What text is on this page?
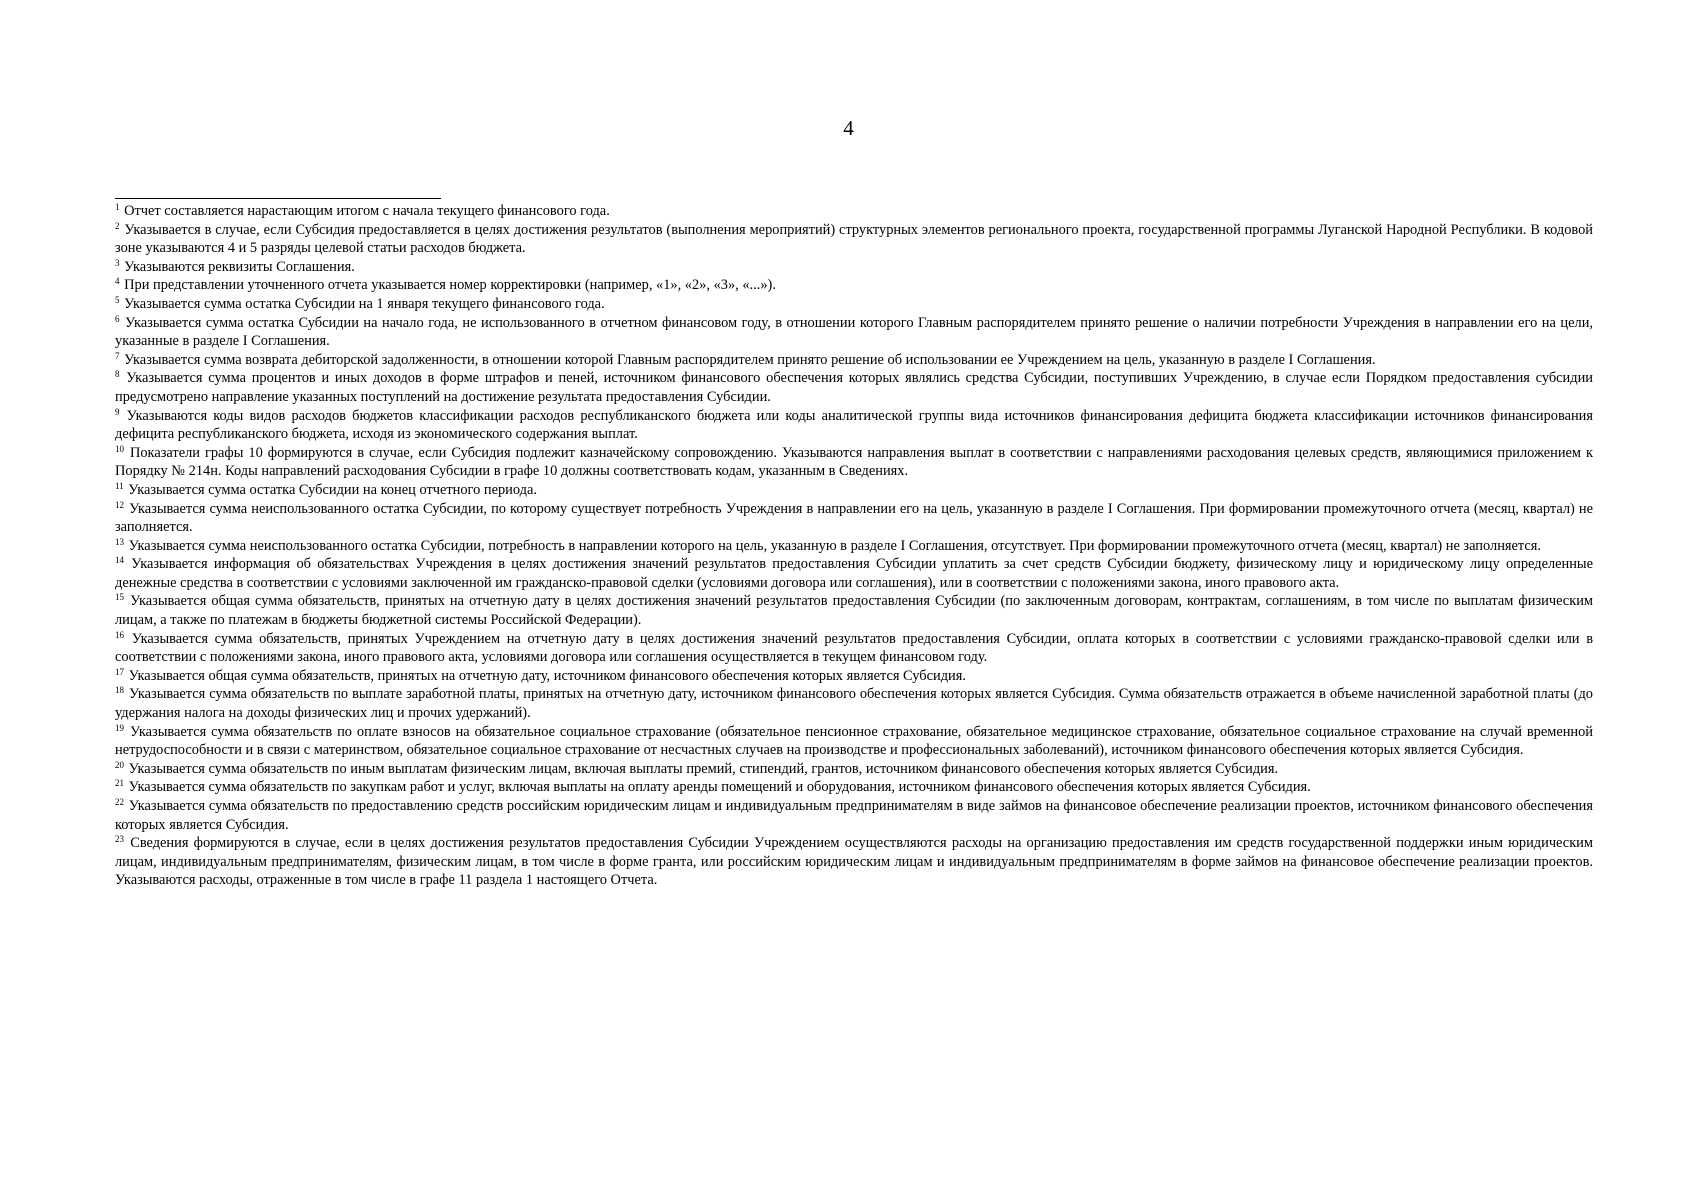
4

$^1$ Отчет составляется нарастающим итогом с начала текущего финансового года.

$^2$ Указывается в случае, если Субсидия предоставляется в целях достижения результатов (выполнения мероприятий) структурных элементов регионального проекта, государственной программы Луганской Народной Республики. В кодовой зоне указываются 4 и 5 разряды целевой статьи расходов бюджета.

$^3$ Указываются реквизиты Соглашения.

$^4$ При представлении уточненного отчета указывается номер корректировки (например, «1», «2», «3», «...»).

$^5$ Указывается сумма остатка Субсидии на 1 января текущего финансового года.

$^6$ Указывается сумма остатка Субсидии на начало года, не использованного в отчетном финансовом году, в отношении которого Главным распорядителем принято решение о наличии потребности Учреждения в направлении его на цели, указанные в разделе I Соглашения.

$^7$ Указывается сумма возврата дебиторской задолженности, в отношении которой Главным распорядителем принято решение об использовании ее Учреждением на цель, указанную в разделе I Соглашения.

$^8$ Указывается сумма процентов и иных доходов в форме штрафов и пеней, источником финансового обеспечения которых являлись средства Субсидии, поступивших Учреждению, в случае если Порядком предоставления субсидии предусмотрено направление указанных поступлений на достижение результата предоставления Субсидии.

$^9$ Указываются коды видов расходов бюджетов классификации расходов республиканского бюджета или коды аналитической группы вида источников финансирования дефицита бюджета классификации источников финансирования дефицита республиканского бюджета, исходя из экономического содержания выплат.

$^{10}$ Показатели графы 10 формируются в случае, если Субсидия подлежит казначейскому сопровождению. Указываются направления выплат в соответствии с направлениями расходования целевых средств, являющимися приложением к Порядку № 214н. Коды направлений расходования Субсидии в графе 10 должны соответствовать кодам, указанным в Сведениях.

$^{11}$ Указывается сумма остатка Субсидии на конец отчетного периода.

$^{12}$ Указывается сумма неиспользованного остатка Субсидии, по которому существует потребность Учреждения в направлении его на цель, указанную в разделе I Соглашения. При формировании промежуточного отчета (месяц, квартал) не заполняется.

$^{13}$ Указывается сумма неиспользованного остатка Субсидии, потребность в направлении которого на цель, указанную в разделе I Соглашения, отсутствует. При формировании промежуточного отчета (месяц, квартал) не заполняется.

$^{14}$ Указывается информация об обязательствах Учреждения в целях достижения значений результатов предоставления Субсидии уплатить за счет средств Субсидии бюджету, физическому лицу и юридическому лицу определенные денежные средства в соответствии с условиями заключенной им гражданско-правовой сделки (условиями договора или соглашения), или в соответствии с положениями закона, иного правового акта.

$^{15}$ Указывается общая сумма обязательств, принятых на отчетную дату в целях достижения значений результатов предоставления Субсидии (по заключенным договорам, контрактам, соглашениям, в том числе по выплатам физическим лицам, а также по платежам в бюджеты бюджетной системы Российской Федерации).

$^{16}$ Указывается сумма обязательств, принятых Учреждением на отчетную дату в целях достижения значений результатов предоставления Субсидии, оплата которых в соответствии с условиями гражданско-правовой сделки или в соответствии с положениями закона, иного правового акта, условиями договора или соглашения осуществляется в текущем финансовом году.

$^{17}$ Указывается общая сумма обязательств, принятых на отчетную дату, источником финансового обеспечения которых является Субсидия.

$^{18}$ Указывается сумма обязательств по выплате заработной платы, принятых на отчетную дату, источником финансового обеспечения которых является Субсидия. Сумма обязательств отражается в объеме начисленной заработной платы (до удержания налога на доходы физических лиц и прочих удержаний).

$^{19}$ Указывается сумма обязательств по оплате взносов на обязательное социальное страхование (обязательное пенсионное страхование, обязательное медицинское страхование, обязательное социальное страхование на случай временной нетрудоспособности и в связи с материнством, обязательное социальное страхование от несчастных случаев на производстве и профессиональных заболеваний), источником финансового обеспечения которых является Субсидия.

$^{20}$ Указывается сумма обязательств по иным выплатам физическим лицам, включая выплаты премий, стипендий, грантов, источником финансового обеспечения которых является Субсидия.

$^{21}$ Указывается сумма обязательств по закупкам работ и услуг, включая выплаты на оплату аренды помещений и оборудования, источником финансового обеспечения которых является Субсидия.

$^{22}$ Указывается сумма обязательств по предоставлению средств российским юридическим лицам и индивидуальным предпринимателям в виде займов на финансовое обеспечение реализации проектов, источником финансового обеспечения которых является Субсидия.

$^{23}$ Сведения формируются в случае, если в целях достижения результатов предоставления Субсидии Учреждением осуществляются расходы на организацию предоставления им средств государственной поддержки иным юридическим лицам, индивидуальным предпринимателям, физическим лицам, в том числе в форме гранта, или российским юридическим лицам и индивидуальным предпринимателям в форме займов на финансовое обеспечение реализации проектов. Указываются расходы, отраженные в том числе в графе 11 раздела 1 настоящего Отчета.
